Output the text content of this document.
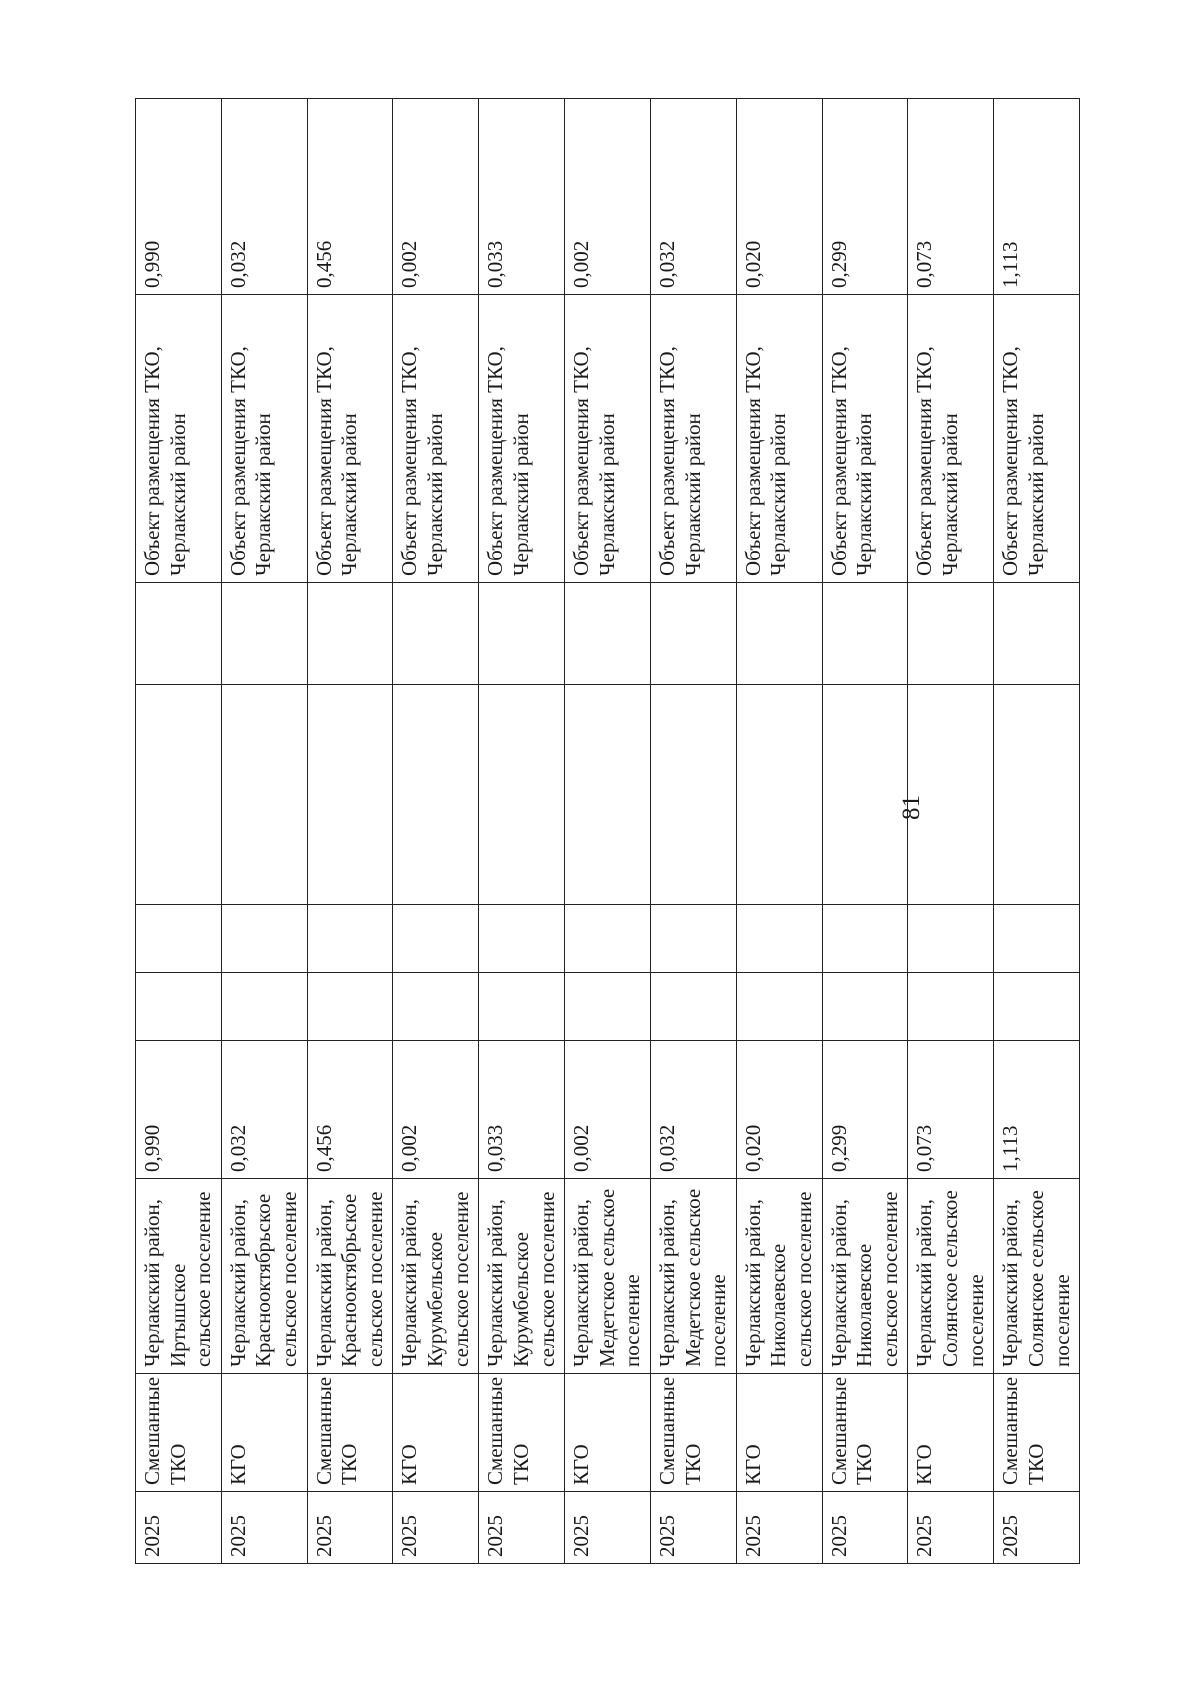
81
2025	Смешанные ТКО	Черлакский район, Иртышское сельское поселение	0,990					Объект размещения ТКО, Черлакский район	0,990
2025	КГО	Черлакский район, Краснооктябрьское сельское поселение	0,032					Объект размещения ТКО, Черлакский район	0,032
2025	Смешанные ТКО	Черлакский район, Краснооктябрьское сельское поселение	0,456					Объект размещения ТКО, Черлакский район	0,456
2025	КГО	Черлакский район, Курумбельское сельское поселение	0,002					Объект размещения ТКО, Черлакский район	0,002
2025	Смешанные ТКО	Черлакский район, Курумбельское сельское поселение	0,033					Объект размещения ТКО, Черлакский район	0,033
2025	КГО	Черлакский район, Медетское сельское поселение	0,002					Объект размещения ТКО, Черлакский район	0,002
2025	Смешанные ТКО	Черлакский район, Медетское сельское поселение	0,032					Объект размещения ТКО, Черлакский район	0,032
2025	КГО	Черлакский район, Николаевское сельское поселение	0,020					Объект размещения ТКО, Черлакский район	0,020
2025	Смешанные ТКО	Черлакский район, Николаевское сельское поселение	0,299					Объект размещения ТКО, Черлакский район	0,299
2025	КГО	Черлакский район, Солянское сельское поселение	0,073					Объект размещения ТКО, Черлакский район	0,073
2025	Смешанные ТКО	Черлакский район, Солянское сельское поселение	1,113					Объект размещения ТКО, Черлакский район	1,113
